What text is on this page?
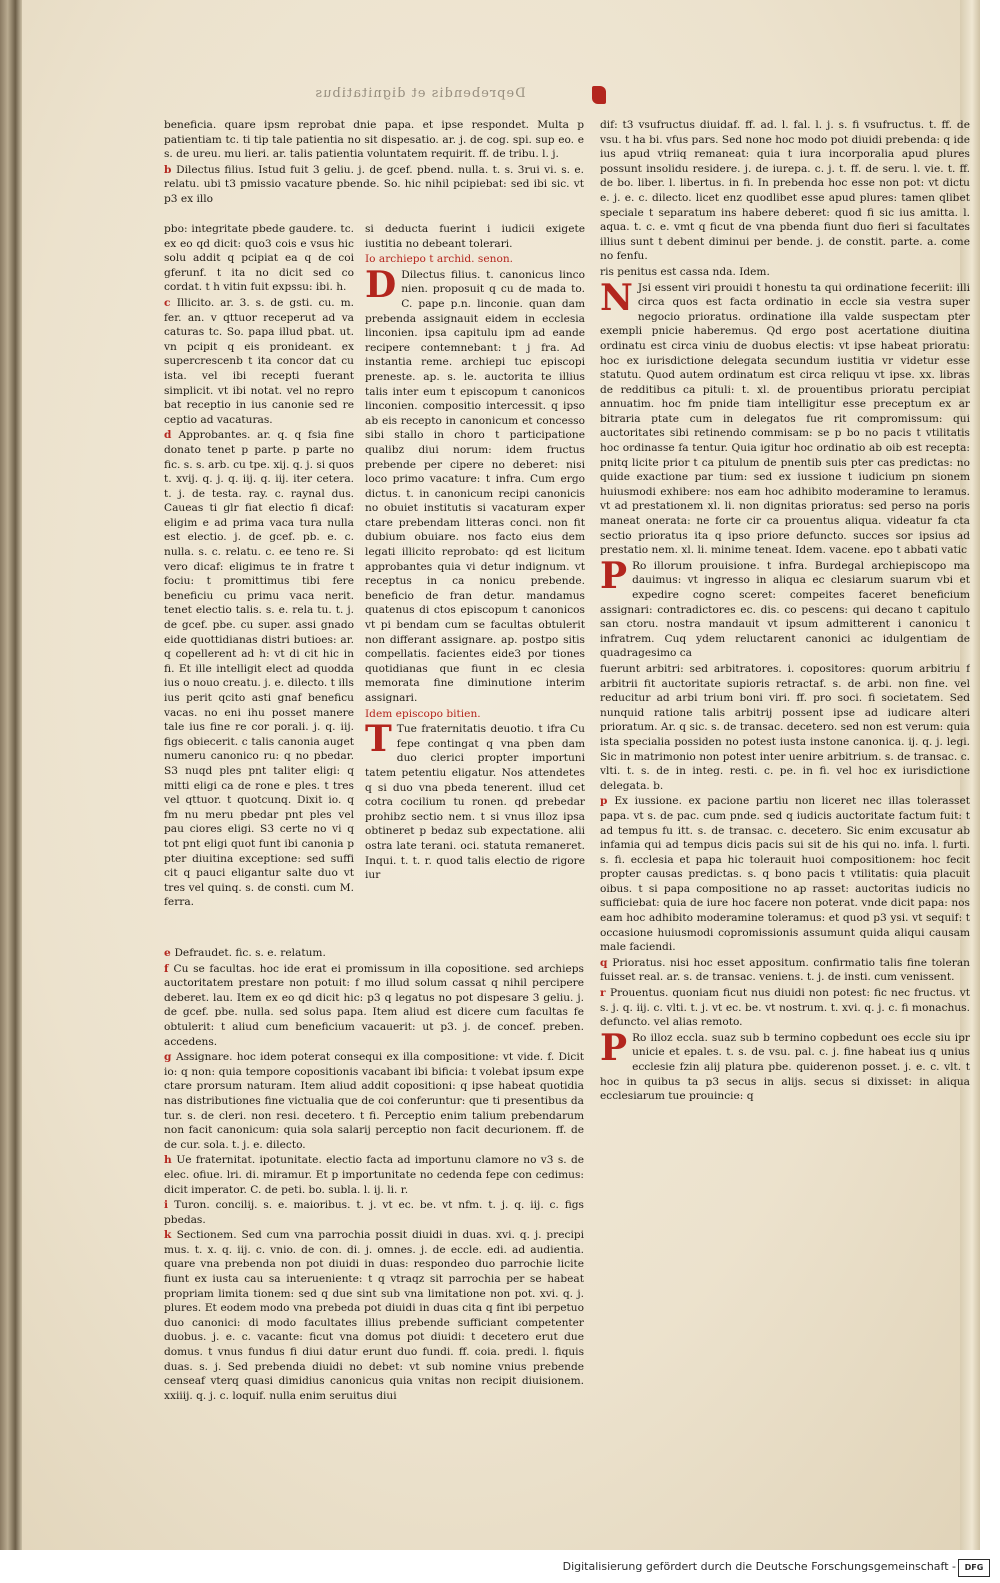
Deprebendis et dignitatibus

beneficia. quare ipsm reprobat dnie papa. et ipse respondet. Multa p patientiam tc. ti tip tale patientia no sit dispesatio. ar. j. de cog. spi. sup eo. e s. de ureu. mu lieri. ar. talis patientia voluntatem requirit. ff. de tribu. l. j.

b Dilectus filius. Istud fuit 3 geliu. j. de gcef. pbend. nulla. t. s. 3rui vi. s. e. relatu. ubi t3 pmissio vacature pbende. So. hic nihil pcipiebat: sed ibi sic. vt p3 ex illo

pbo: integritate pbede gaudere. tc. ex eo qd dicit: quo3 cois e vsus hic solu addit q pcipiat ea q de coi gferunf. t ita no dicit sed co cordat. t h vitin fuit expssu: ibi. h.

c Illicito. ar. 3. s. de gsti. cu. m. fer. an. v qttuor receperut ad va caturas tc. So. papa illud pbat. ut. vn pcipit q eis pronideant. ex supercrescenb t ita concor dat cu ista. vel ibi recepti fuerant simplicit. vt ibi notat. vel no repro bat receptio in ius canonie sed re ceptio ad vacaturas.

d Approbantes. ar. q. q fsia fine donato tenet p parte. p parte no fic. s. s. arb. cu tpe. xij. q. j. si quos t. xvij. q. j. q. iij. q. iij. iter cetera. t. j. de testa. ray. c. raynal dus. Caueas ti glr fiat electio fi dicaf: eligim e ad prima vaca tura nulla est electio. j. de gcef. pb. e. c. nulla. s. c. relatu. c. ee teno re. Si vero dicaf: eligimus te in fratre t fociu: t promittimus tibi fere beneficiu cu primu vaca nerit. tenet electio talis. s. e. rela tu. t. j. de gcef. pbe. cu super. assi gnado eide quottidianas distri butioes: ar. q copellerent ad h: vt di cit hic in fi. Et ille intelligit elect ad quodda ius o nouo creatu. j. e. dilecto. t ills ius perit qcito asti gnaf beneficu vacas. no eni ihu posset manere tale ius fine re cor porali. j. q. iij. figs obiecerit. c talis canonia auget numeru canonico ru: q no pbedar. S3 nuqd ples pnt taliter eligi: q mitti eligi ca de rone e ples. t tres vel qttuor. t quotcunq. Dixit io. q fm nu meru pbedar pnt ples vel pau ciores eligi. S3 certe no vi q tot pnt eligi quot funt ibi canonia p pter diuitina exceptione: sed suffi cit q pauci eligantur salte duo vt tres vel quinq. s. de consti. cum M. ferra.

si deducta fuerint i iudicii exigete iustitia no debeant tolerari.

Io archiepo t archid. senon.

D Dilectus filius. t. canonicus linco nien. proposuit q cu de mada to. C. pape p.n. linconie. quan dam prebenda assignauit eidem in ecclesia linconien. ipsa capitulu ipm ad eande recipere contemnebant: t j fra. Ad instantia reme. archiepi tuc episcopi preneste. ap. s. le. auctorita te illius talis inter eum t episcopum t canonicos linconien. compositio intercessit. q ipso ab eis recepto in canonicum et concesso sibi stallo in choro t participatione qualibz diui norum: idem fructus prebende per cipere no deberet: nisi loco primo vacature: t infra. Cum ergo dictus. t. in canonicum recipi canonicis no obuiet institutis si vacaturam exper ctare prebendam litteras conci. non fit dubium obuiare. nos facto eius dem legati illicito reprobato: qd est licitum approbantes quia vi detur indignum. vt receptus in ca nonicu prebende. beneficio de fran detur. mandamus quatenus di ctos episcopum t canonicos vt pi bendam cum se facultas obtulerit non differant assignare. ap. postpo sitis compellatis. facientes eide3 por tiones quotidianas que fiunt in ec clesia memorata fine diminutione interim assignari.

Idem episcopo bitien.

T Tue fraternitatis deuotio. t ifra Cu fepe contingat q vna pben dam duo clerici propter importuni tatem petentiu eligatur. Nos attendetes q si duo vna pbeda tenerent. illud cet cotra cocilium tu ronen. qd prebedar prohibz sectio nem. t si vnus illoz ipsa obtineret p bedaz sub expectatione. alii ostra late terani. oci. statuta remaneret. Inqui. t. t. r. quod talis electio de rigore iur

e Defraudet. fic. s. e. relatum.

f Cu se facultas. hoc ide erat ei promissum in illa copositione. sed archieps auctoritatem prestare non potuit: f mo illud solum cassat q nihil percipere deberet. lau. Item ex eo qd dicit hic: p3 q legatus no pot dispesare 3 geliu. j. de gcef. pbe. nulla. sed solus papa. Item aliud est dicere cum facultas fe obtulerit: t aliud cum beneficium vacauerit: ut p3. j. de concef. preben. accedens.

g Assignare. hoc idem poterat consequi ex illa compositione: vt vide. f. Dicit io: q non: quia tempore copositionis vacabant ibi bificia: t volebat ipsum expe ctare prorsum naturam. Item aliud addit copositioni: q ipse habeat quotidia nas distributiones fine victualia que de coi conferuntur: que ti presentibus da tur. s. de cleri. non resi. decetero. t fi. Perceptio enim talium prebendarum non facit canonicum: quia sola salarij perceptio non facit decurionem. ff. de de cur. sola. t. j. e. dilecto.

h Ue fraternitat. ipotunitate. electio facta ad importunu clamore no v3 s. de elec. ofiue. lri. di. miramur. Et p importunitate no cedenda fepe con cedimus: dicit imperator. C. de peti. bo. subla. l. ij. li. r.

i Turon. concilij. s. e. maioribus. t. j. vt ec. be. vt nfm. t. j. q. iij. c. figs pbedas.

k Sectionem. Sed cum vna parrochia possit diuidi in duas. xvi. q. j. precipi mus. t. x. q. iij. c. vnio. de con. di. j. omnes. j. de eccle. edi. ad audientia. quare vna prebenda non pot diuidi in duas: respondeo duo parrochie licite fiunt ex iusta cau sa interueniente: t q vtraqz sit parrochia per se habeat propriam limita tionem: sed q due sint sub vna limitatione non pot. xvi. q. j. plures. Et eodem modo vna prebeda pot diuidi in duas cita q fint ibi perpetuo duo canonici: di modo facultates illius prebende sufficiant competenter duobus. j. e. c. vacante: ficut vna domus pot diuidi: t decetero erut due domus. t vnus fundus fi diui datur erunt duo fundi. ff. coia. predi. l. fiquis duas. s. j. Sed prebenda diuidi no debet: vt sub nomine vnius prebende censeaf vterq quasi dimidius canonicus quia vnitas non recipit diuisionem. xxiiij. q. j. c. loquif. nulla enim seruitus diui

dif: t3 vsufructus diuidaf. ff. ad. l. fal. l. j. s. fi vsufructus. t. ff. de vsu. t ha bi. vfus pars. Sed none hoc modo pot diuidi prebenda: q ide ius apud vtriiq remaneat: quia t iura incorporalia apud plures possunt insolidu residere. j. de iurepa. c. j. t. ff. de seru. l. vie. t. ff. de bo. liber. l. libertus. in fi. In prebenda hoc esse non pot: vt dictu e. j. e. c. dilecto. licet enz quodlibet esse apud plures: tamen qlibet speciale t separatum ins habere deberet: quod fi sic ius amitta. l. aqua. t. c. e. vmt q ficut de vna pbenda fiunt duo fieri si facultates illius sunt t debent diminui per bende. j. de constit. parte. a. come no fenfu.

ris penitus est cassa nda. Idem.

N Jsi essent viri prouidi t honestu ta qui ordinatione feceriit: illi circa quos est facta ordinatio in eccle sia vestra super negocio prioratus. ordinatione illa valde suspectam pter exempli pnicie haberemus. Qd ergo post acertatione diuitina ordinatu est circa viniu de duobus electis: vt ipse habeat prioratu: hoc ex iurisdictione delegata secundum iustitia vr videtur esse statutu. Quod autem ordinatum est circa reliquu vt ipse. xx. libras de redditibus ca pituli: t. xl. de prouentibus prioratu percipiat annuatim. hoc fm pnide tiam intelligitur esse preceptum ex ar bitraria ptate cum in delegatos fue rit compromissum: qui auctoritates sibi retinendo commisam: se p bo no pacis t vtilitatis hoc ordinasse fa tentur. Quia igitur hoc ordinatio ab oib est recepta: pnitq licite prior t ca pitulum de pnentib suis pter cas predictas: no quide exactione par tium: sed ex iussione t iudicium pn sionem huiusmodi exhibere: nos eam hoc adhibito moderamine to leramus. vt ad prestationem xl. li. non dignitas prioratus: sed perso na poris maneat onerata: ne forte cir ca prouentus aliqua. videatur fa cta sectio prioratus ita q ipso priore defuncto. succes sor ipsius ad prestatio nem. xl. li. minime teneat. Idem. vacene. epo t abbati vatic

P Ro illorum prouisione. t infra. Burdegal archiepiscopo ma dauimus: vt ingresso in aliqua ec clesiarum suarum vbi et expedire cogno sceret: compeites faceret beneficium assignari: contradictores ec. dis. co pescens: qui decano t capitulo san ctoru. nostra mandauit vt ipsum admitterent i canonicu t infratrem. Cuq ydem reluctarent canonici ac idulgentiam de quadragesimo ca

fuerunt arbitri: sed arbitratores. i. copositores: quorum arbitriu f arbitrii fit auctoritate supioris retractaf. s. de arbi. non fine. vel reducitur ad arbi trium boni viri. ff. pro soci. fi societatem. Sed nunquid ratione talis arbitrij possent ipse ad iudicare alteri prioratum. Ar. q sic. s. de transac. decetero. sed non est verum: quia ista specialia possiden no potest iusta instone canonica. ij. q. j. legi. Sic in matrimonio non potest inter uenire arbitrium. s. de transac. c. vlti. t. s. de in integ. resti. c. pe. in fi. vel hoc ex iurisdictione delegata. b.

p Ex iussione. ex pacione partiu non liceret nec illas tolerasset papa. vt s. de pac. cum pnde. sed q iudicis auctoritate factum fuit: t ad tempus fu itt. s. de transac. c. decetero. Sic enim excusatur ab infamia qui ad tempus dicis pacis sui sit de his qui no. infa. l. furti. s. fi. ecclesia et papa hic tolerauit huoi compositionem: hoc fecit propter causas predictas. s. q bono pacis t vtilitatis: quia placuit oibus. t si papa compositione no ap rasset: auctoritas iudicis no sufficiebat: quia de iure hoc facere non poterat. vnde dicit papa: nos eam hoc adhibito moderamine toleramus: et quod p3 ysi. vt sequif: t occasione huiusmodi copromissionis assumunt quida aliqui causam male faciendi.

q Prioratus. nisi hoc esset appositum. confirmatio talis fine toleran fuisset real. ar. s. de transac. veniens. t. j. de insti. cum venissent.

r Prouentus. quoniam ficut nus diuidi non potest: fic nec fructus. vt s. j. q. iij. c. vlti. t. j. vt ec. be. vt nostrum. t. xvi. q. j. c. fi monachus. defuncto. vel alias remoto.

P Ro illoz eccla. suaz sub b termino copbedunt oes eccle siu ipr unicie et epales. t. s. de vsu. pal. c. j. fine habeat ius q unius ecclesie fzin alij platura pbe. quiderenon posset. j. e. c. vlt. t hoc in quibus ta p3 secus in alijs. secus si dixisset: in aliqua ecclesiarum tue prouincie: q

Digitalisierung gefördert durch die Deutsche Forschungsgemeinschaft -	DFG
